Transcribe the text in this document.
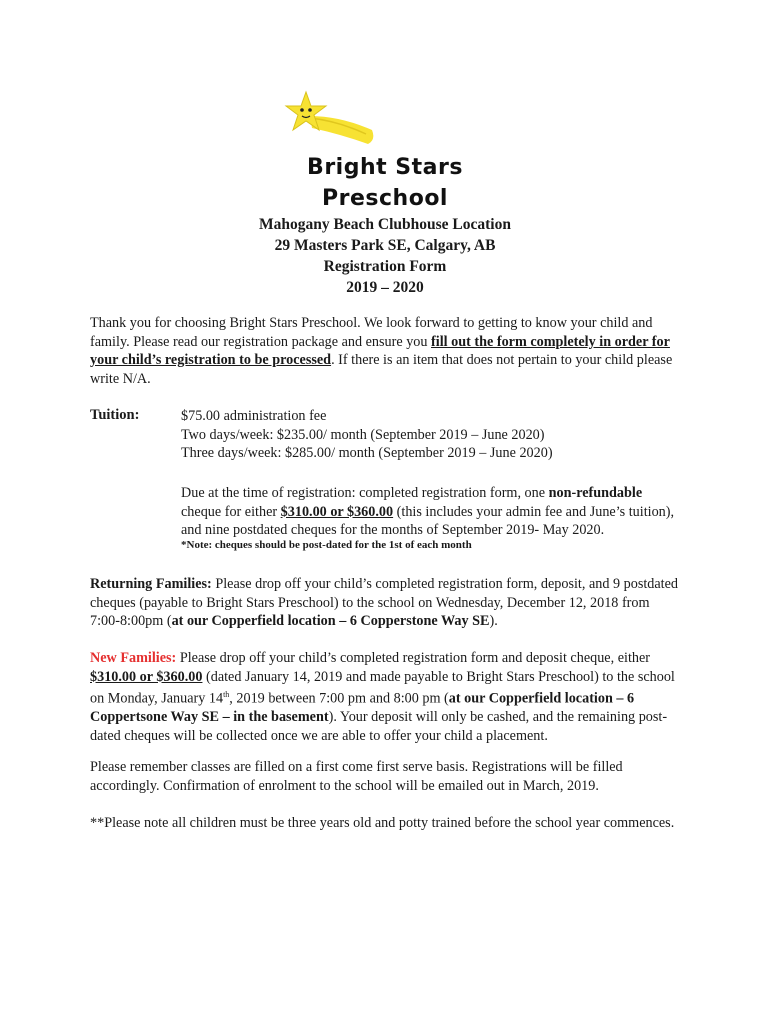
Bright Stars
Preschool
Mahogany Beach Clubhouse Location
29 Masters Park SE, Calgary, AB
Registration Form
2019 – 2020

Thank you for choosing Bright Stars Preschool. We look forward to getting to know your child and family. Please read our registration package and ensure you fill out the form completely in order for your child’s registration to be processed. If there is an item that does not pertain to your child please write N/A.

Tuition:	$75.00 administration fee
Two days/week: $235.00/ month (September 2019 – June 2020)
Three days/week: $285.00/ month (September 2019 – June 2020)

Due at the time of registration: completed registration form, one non-refundable cheque for either $310.00 or $360.00 (this includes your admin fee and June’s tuition), and nine postdated cheques for the months of September 2019- May 2020.

*Note: cheques should be post-dated for the 1st of each month

Returning Families: Please drop off your child’s completed registration form, deposit, and 9 postdated cheques (payable to Bright Stars Preschool) to the school on Wednesday, December 12, 2018 from 7:00-8:00pm (at our Copperfield location – 6 Copperstone Way SE).

New Families: Please drop off your child’s completed registration form and deposit cheque, either $310.00 or $360.00 (dated January 14, 2019 and made payable to Bright Stars Preschool) to the school on Monday, January 14th, 2019 between 7:00 pm and 8:00 pm (at our Copperfield location – 6 Coppertsone Way SE – in the basement). Your deposit will only be cashed, and the remaining post-dated cheques will be collected once we are able to offer your child a placement.

Please remember classes are filled on a first come first serve basis. Registrations will be filled accordingly. Confirmation of enrolment to the school will be emailed out in March, 2019.

**Please note all children must be three years old and potty trained before the school year commences.
